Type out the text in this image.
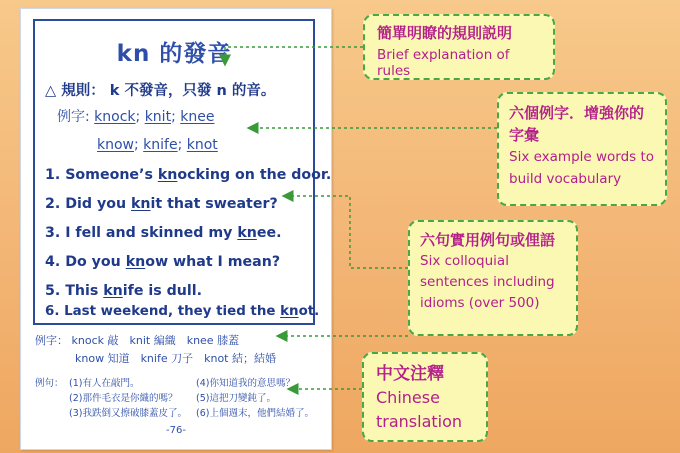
kn 的發音
△ 規則： k 不發音，只發 n 的音。
例字: knock; knit; knee
know; knife; knot
1. Someone’s knocking on the door.
2. Did you knit that sweater?
3. I fell and skinned my knee.
4. Do you know what I mean?
5. This knife is dull.
6. Last weekend, they tied the knot.
例字： knock 敲　knit 編織　knee 膝蓋
know 知道　knife 刀子　knot 結；結婚
例句： (1)有人在敲門。
(2)那件毛衣是你織的嗎？
(3)我跌倒又擦破膝蓋皮了。
(4)你知道我的意思嗎？
(5)這把刀變鈍了。
(6)上個週末，他們結婚了。
-76-
簡單明瞭的規則説明
Brief explanation of rules
六個例字．增強你的字彙
Six example words to build vocabulary
六句實用例句或俚語
Six colloquial sentences including idioms (over 500)
中文注釋
Chinese translation
